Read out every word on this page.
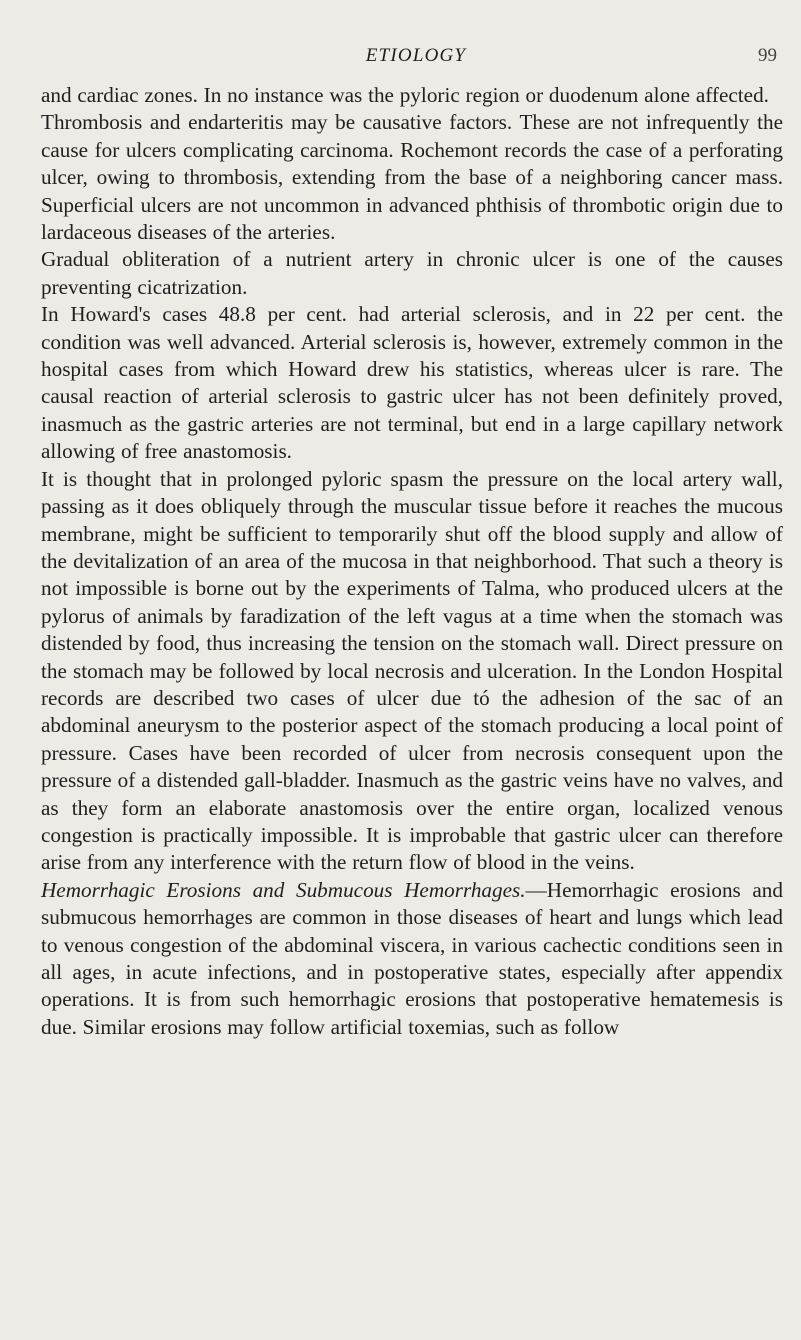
ETIOLOGY	99

and cardiac zones. In no instance was the pyloric region or duodenum alone affected.

Thrombosis and endarteritis may be causative factors. These are not infrequently the cause for ulcers complicating carcinoma. Rochemont records the case of a perforating ulcer, owing to thrombosis, extending from the base of a neighboring cancer mass. Superficial ulcers are not uncommon in advanced phthisis of thrombotic origin due to lardaceous diseases of the arteries.

Gradual obliteration of a nutrient artery in chronic ulcer is one of the causes preventing cicatrization.

In Howard's cases 48.8 per cent. had arterial sclerosis, and in 22 per cent. the condition was well advanced. Arterial sclerosis is, however, extremely common in the hospital cases from which Howard drew his statistics, whereas ulcer is rare. The causal reaction of arterial sclerosis to gastric ulcer has not been definitely proved, inasmuch as the gastric arteries are not terminal, but end in a large capillary network allowing of free anastomosis.

It is thought that in prolonged pyloric spasm the pressure on the local artery wall, passing as it does obliquely through the muscular tissue before it reaches the mucous membrane, might be sufficient to temporarily shut off the blood supply and allow of the devitalization of an area of the mucosa in that neighborhood. That such a theory is not impossible is borne out by the experiments of Talma, who produced ulcers at the pylorus of animals by faradization of the left vagus at a time when the stomach was distended by food, thus increasing the tension on the stomach wall. Direct pressure on the stomach may be followed by local necrosis and ulceration. In the London Hospital records are described two cases of ulcer due tó the adhesion of the sac of an abdominal aneurysm to the posterior aspect of the stomach producing a local point of pressure. Cases have been recorded of ulcer from necrosis consequent upon the pressure of a distended gall-bladder. Inasmuch as the gastric veins have no valves, and as they form an elaborate anastomosis over the entire organ, localized venous congestion is practically impossible. It is improbable that gastric ulcer can therefore arise from any interference with the return flow of blood in the veins.

Hemorrhagic Erosions and Submucous Hemorrhages.—Hemorrhagic erosions and submucous hemorrhages are common in those diseases of heart and lungs which lead to venous congestion of the abdominal viscera, in various cachectic conditions seen in all ages, in acute infections, and in postoperative states, especially after appendix operations. It is from such hemorrhagic erosions that postoperative hematemesis is due. Similar erosions may follow artificial toxemias, such as follow
